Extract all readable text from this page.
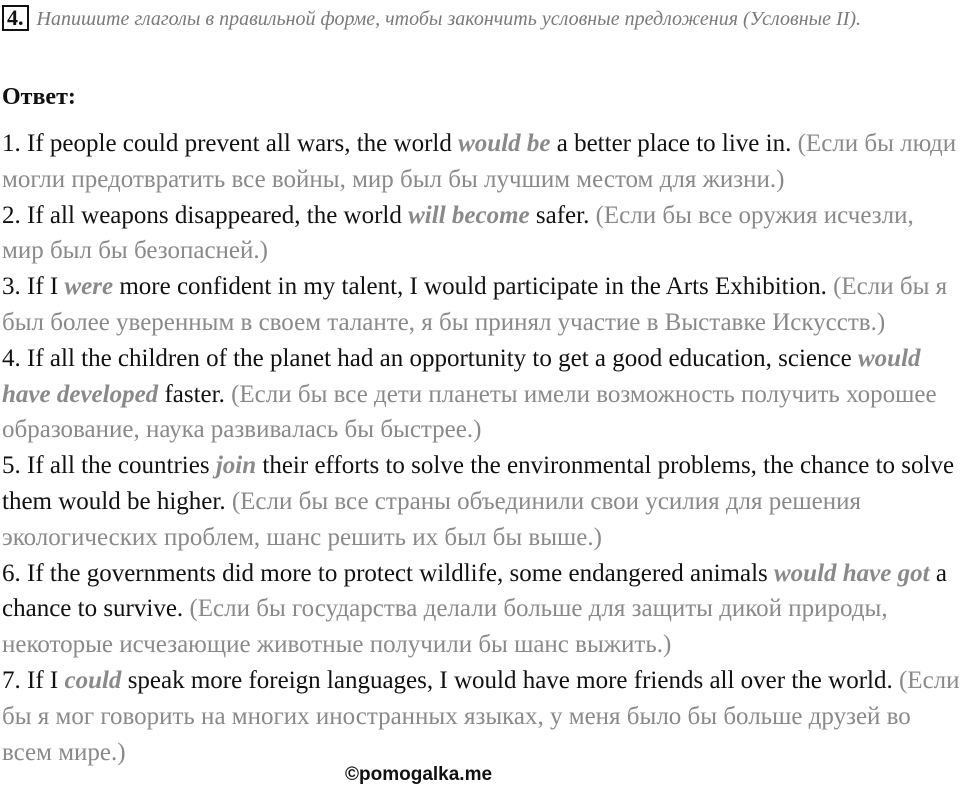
4. Напишите глаголы в правильной форме, чтобы закончить условные предложения (Условные II).
Ответ:

1. If people could prevent all wars, the world would be a better place to live in. (Если бы люди могли предотвратить все войны, мир был бы лучшим местом для жизни.)

2. If all weapons disappeared, the world will become safer. (Если бы все оружия исчезли, мир был бы безопасней.)

3. If I were more confident in my talent, I would participate in the Arts Exhibition. (Если бы я был более уверенным в своем таланте, я бы принял участие в Выставке Искусств.)

4. If all the children of the planet had an opportunity to get a good education, science would have developed faster. (Если бы все дети планеты имели возможность получить хорошее образование, наука развивалась бы быстрее.)

5. If all the countries join their efforts to solve the environmental problems, the chance to solve them would be higher. (Если бы все страны объединили свои усилия для решения экологических проблем, шанс решить их был бы выше.)

6. If the governments did more to protect wildlife, some endangered animals would have got a chance to survive. (Если бы государства делали больше для защиты дикой природы, некоторые исчезающие животные получили бы шанс выжить.)

7. If I could speak more foreign languages, I would have more friends all over the world. (Если бы я мог говорить на многих иностранных языках, у меня было бы больше друзей во всем мире.)

©pomogalka.me
